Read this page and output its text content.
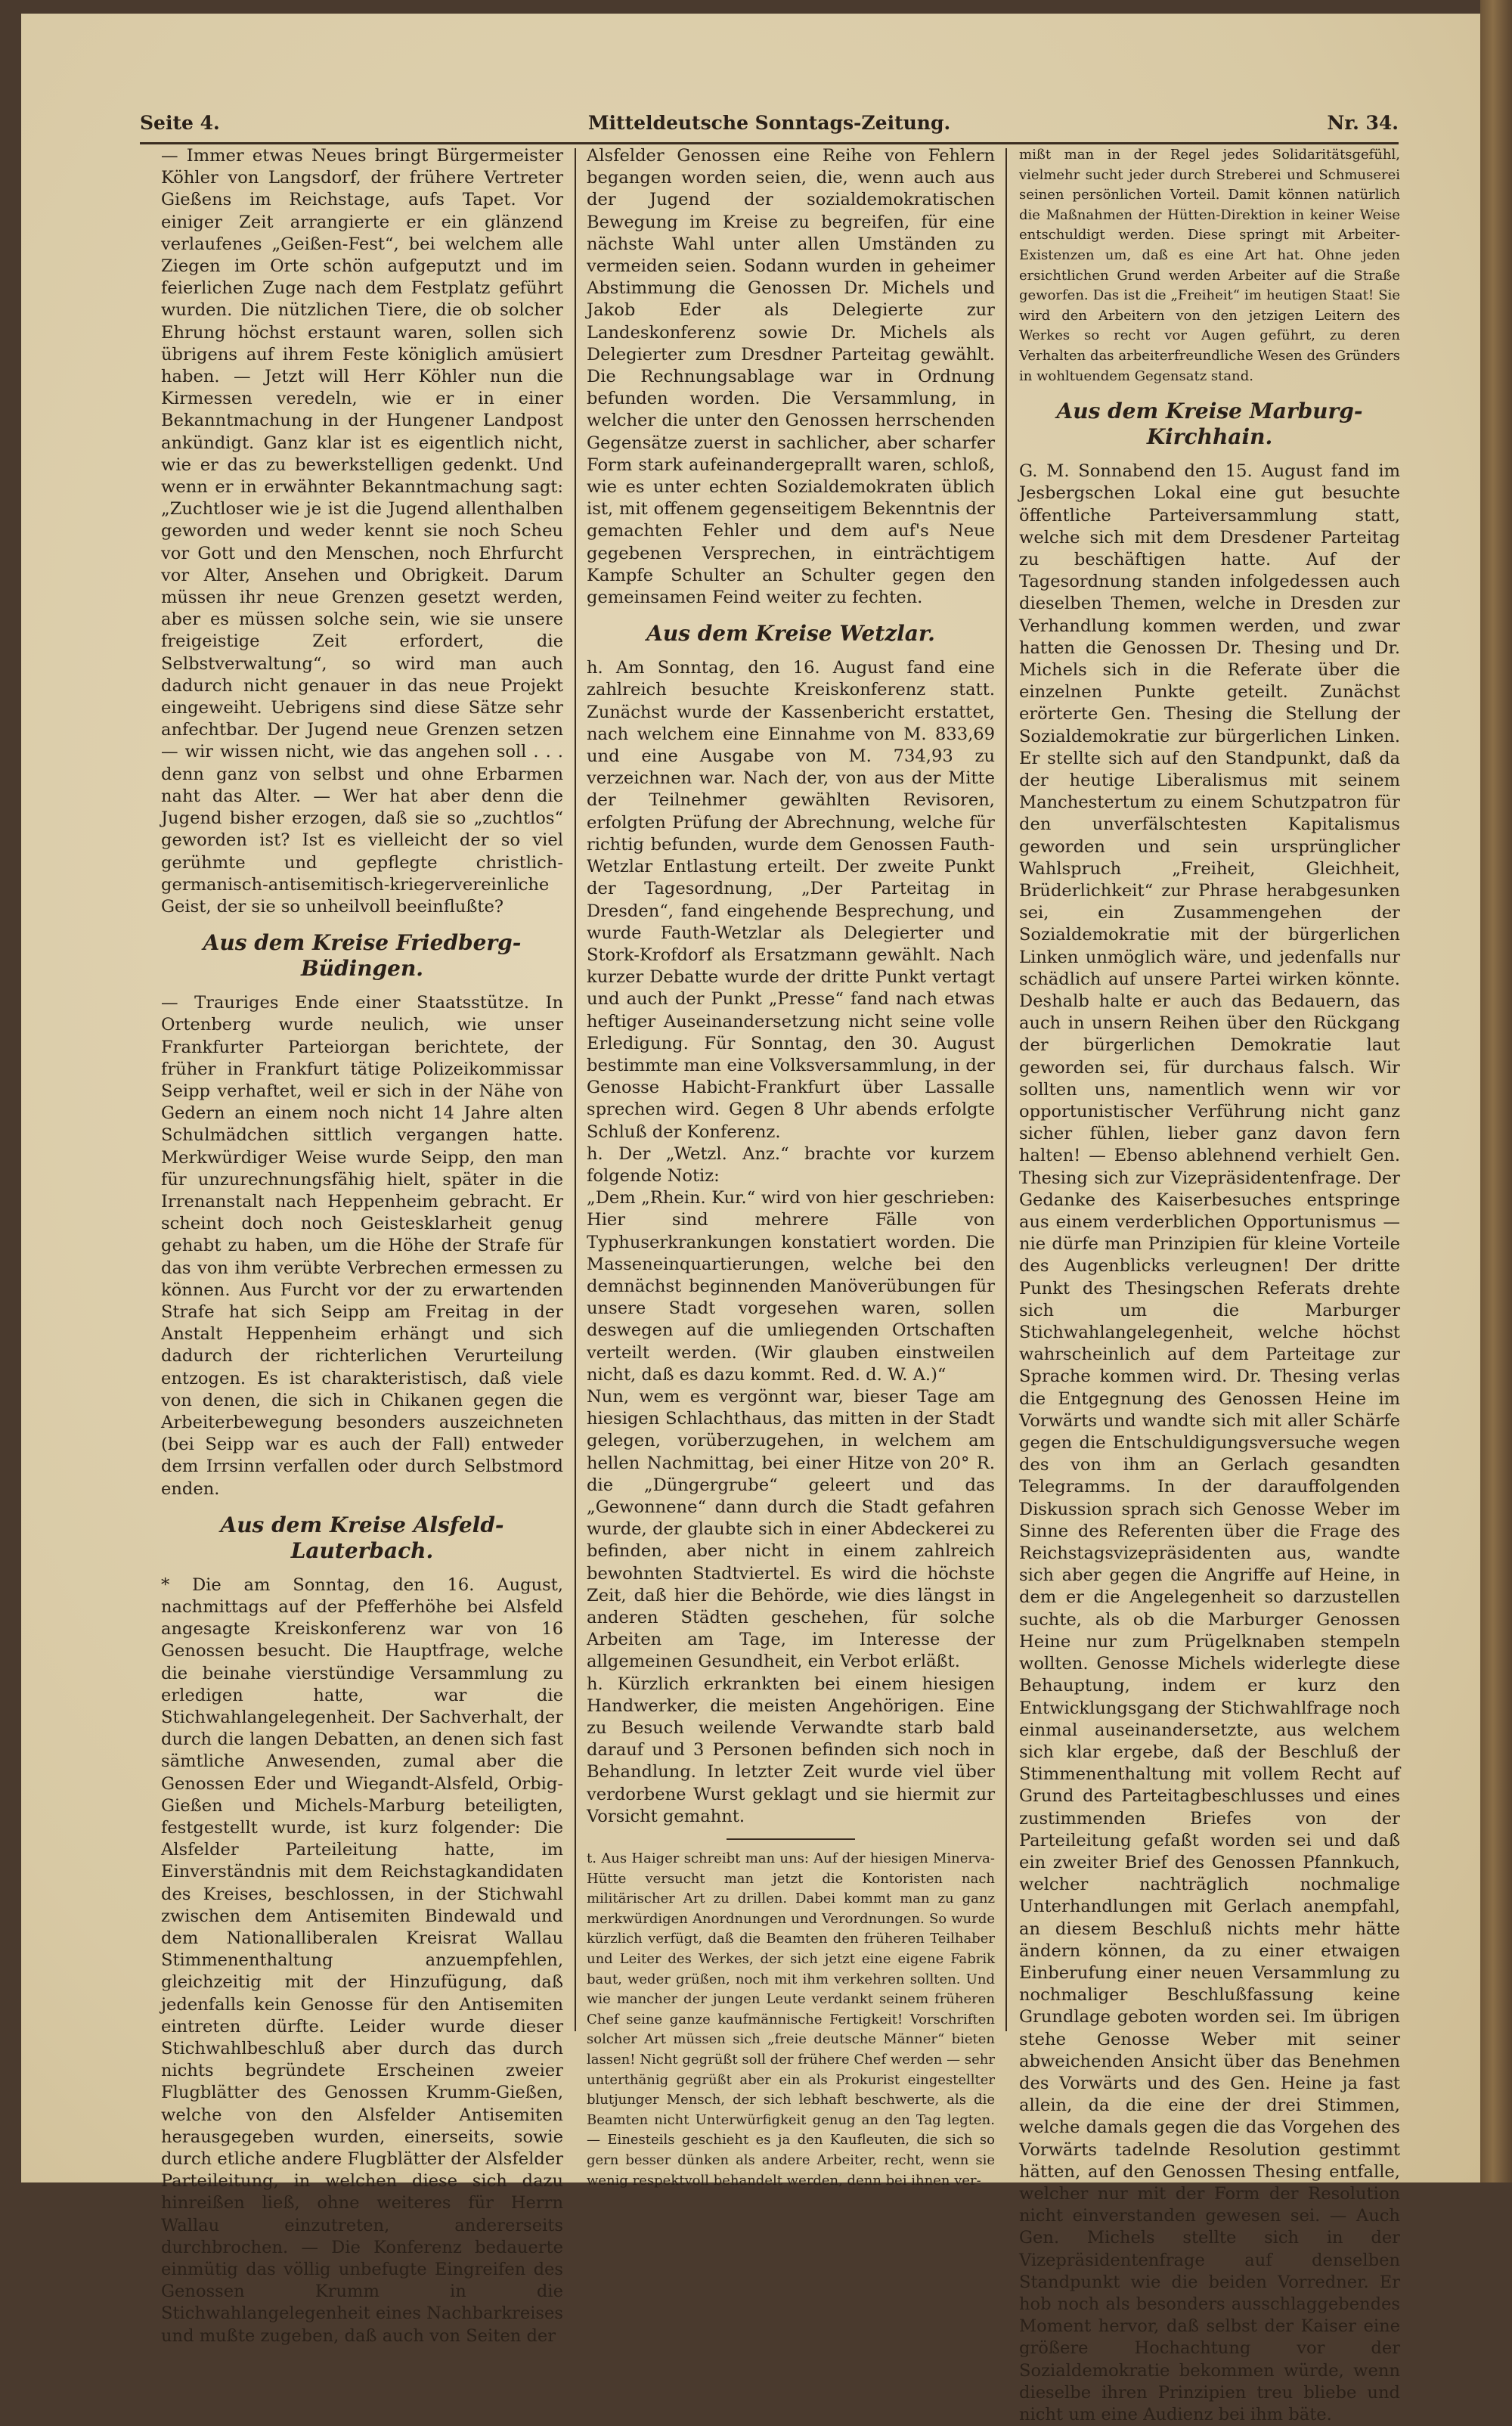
Seite 4.	Mitteldeutsche Sonntags-Zeitung.	Nr. 34.

— Immer etwas Neues bringt Bürgermeister Köhler von Langsdorf, der frühere Vertreter Gießens im Reichstage, aufs Tapet. Vor einiger Zeit arrangierte er ein glänzend verlaufenes „Geißen-Fest“, bei welchem alle Ziegen im Orte schön aufgeputzt und im feierlichen Zuge nach dem Festplatz geführt wurden. Die nützlichen Tiere, die ob solcher Ehrung höchst erstaunt waren, sollen sich übrigens auf ihrem Feste königlich amüsiert haben. — Jetzt will Herr Köhler nun die Kirmessen veredeln, wie er in einer Bekanntmachung in der Hungener Landpost ankündigt. Ganz klar ist es eigentlich nicht, wie er das zu bewerkstelligen gedenkt. Und wenn er in erwähnter Bekanntmachung sagt: „Zuchtloser wie je ist die Jugend allenthalben geworden und weder kennt sie noch Scheu vor Gott und den Menschen, noch Ehrfurcht vor Alter, Ansehen und Obrigkeit. Darum müssen ihr neue Grenzen gesetzt werden, aber es müssen solche sein, wie sie unsere freigeistige Zeit erfordert, die Selbstverwaltung“, so wird man auch dadurch nicht genauer in das neue Projekt eingeweiht. Uebrigens sind diese Sätze sehr anfechtbar. Der Jugend neue Grenzen setzen — wir wissen nicht, wie das angehen soll . . . denn ganz von selbst und ohne Erbarmen naht das Alter. — Wer hat aber denn die Jugend bisher erzogen, daß sie so „zuchtlos“ geworden ist? Ist es vielleicht der so viel gerühmte und gepflegte christlich-germanisch-antisemitisch-kriegervereinliche Geist, der sie so unheilvoll beeinflußte?

Aus dem Kreise Friedberg-Büdingen.

— Trauriges Ende einer Staatsstütze. In Ortenberg wurde neulich, wie unser Frankfurter Parteiorgan berichtete, der früher in Frankfurt tätige Polizeikommissar Seipp verhaftet, weil er sich in der Nähe von Gedern an einem noch nicht 14 Jahre alten Schulmädchen sittlich vergangen hatte. Merkwürdiger Weise wurde Seipp, den man für unzurechnungsfähig hielt, später in die Irrenanstalt nach Heppenheim gebracht. Er scheint doch noch Geistesklarheit genug gehabt zu haben, um die Höhe der Strafe für das von ihm verübte Verbrechen ermessen zu können. Aus Furcht vor der zu erwartenden Strafe hat sich Seipp am Freitag in der Anstalt Heppenheim erhängt und sich dadurch der richterlichen Verurteilung entzogen. Es ist charakteristisch, daß viele von denen, die sich in Chikanen gegen die Arbeiterbewegung besonders auszeichneten (bei Seipp war es auch der Fall) entweder dem Irrsinn verfallen oder durch Selbstmord enden.

Aus dem Kreise Alsfeld-Lauterbach.

* Die am Sonntag, den 16. August, nachmittags auf der Pfefferhöhe bei Alsfeld angesagte Kreiskonferenz war von 16 Genossen besucht. Die Hauptfrage, welche die beinahe vierstündige Versammlung zu erledigen hatte, war die Stichwahlangelegenheit. Der Sachverhalt, der durch die langen Debatten, an denen sich fast sämtliche Anwesenden, zumal aber die Genossen Eder und Wiegandt-Alsfeld, Orbig-Gießen und Michels-Marburg beteiligten, festgestellt wurde, ist kurz folgender: Die Alsfelder Parteileitung hatte, im Einverständnis mit dem Reichstagkandidaten des Kreises, beschlossen, in der Stichwahl zwischen dem Antisemiten Bindewald und dem Nationalliberalen Kreisrat Wallau Stimmenenthaltung anzuempfehlen, gleichzeitig mit der Hinzufügung, daß jedenfalls kein Genosse für den Antisemiten eintreten dürfte. Leider wurde dieser Stichwahlbeschluß aber durch das durch nichts begründete Erscheinen zweier Flugblätter des Genossen Krumm-Gießen, welche von den Alsfelder Antisemiten herausgegeben wurden, einerseits, sowie durch etliche andere Flugblätter der Alsfelder Parteileitung, in welchen diese sich dazu hinreißen ließ, ohne weiteres für Herrn Wallau einzutreten, andererseits durchbrochen. — Die Konferenz bedauerte einmütig das völlig unbefugte Eingreifen des Genossen Krumm in die Stichwahlangelegenheit eines Nachbarkreises und mußte zugeben, daß auch von Seiten der

Alsfelder Genossen eine Reihe von Fehlern begangen worden seien, die, wenn auch aus der Jugend der sozialdemokratischen Bewegung im Kreise zu begreifen, für eine nächste Wahl unter allen Umständen zu vermeiden seien. Sodann wurden in geheimer Abstimmung die Genossen Dr. Michels und Jakob Eder als Delegierte zur Landeskonferenz sowie Dr. Michels als Delegierter zum Dresdner Parteitag gewählt. Die Rechnungsablage war in Ordnung befunden worden. Die Versammlung, in welcher die unter den Genossen herrschenden Gegensätze zuerst in sachlicher, aber scharfer Form stark aufeinandergeprallt waren, schloß, wie es unter echten Sozialdemokraten üblich ist, mit offenem gegenseitigem Bekenntnis der gemachten Fehler und dem auf's Neue gegebenen Versprechen, in einträchtigem Kampfe Schulter an Schulter gegen den gemeinsamen Feind weiter zu fechten.

Aus dem Kreise Wetzlar.

h. Am Sonntag, den 16. August fand eine zahlreich besuchte Kreiskonferenz statt. Zunächst wurde der Kassenbericht erstattet, nach welchem eine Einnahme von M. 833,69 und eine Ausgabe von M. 734,93 zu verzeichnen war. Nach der, von aus der Mitte der Teilnehmer gewählten Revisoren, erfolgten Prüfung der Abrechnung, welche für richtig befunden, wurde dem Genossen Fauth-Wetzlar Entlastung erteilt. Der zweite Punkt der Tagesordnung, „Der Parteitag in Dresden“, fand eingehende Besprechung, und wurde Fauth-Wetzlar als Delegierter und Stork-Krofdorf als Ersatzmann gewählt. Nach kurzer Debatte wurde der dritte Punkt vertagt und auch der Punkt „Presse“ fand nach etwas heftiger Auseinandersetzung nicht seine volle Erledigung. Für Sonntag, den 30. August bestimmte man eine Volksversammlung, in der Genosse Habicht-Frankfurt über Lassalle sprechen wird. Gegen 8 Uhr abends erfolgte Schluß der Konferenz.

h. Der „Wetzl. Anz.“ brachte vor kurzem folgende Notiz:

„Dem „Rhein. Kur.“ wird von hier geschrieben: Hier sind mehrere Fälle von Typhuserkrankungen konstatiert worden. Die Masseneinquartierungen, welche bei den demnächst beginnenden Manöverübungen für unsere Stadt vorgesehen waren, sollen deswegen auf die umliegenden Ortschaften verteilt werden. (Wir glauben einstweilen nicht, daß es dazu kommt. Red. d. W. A.)“

Nun, wem es vergönnt war, bieser Tage am hiesigen Schlachthaus, das mitten in der Stadt gelegen, vorüberzugehen, in welchem am hellen Nachmittag, bei einer Hitze von 20° R. die „Düngergrube“ geleert und das „Gewonnene“ dann durch die Stadt gefahren wurde, der glaubte sich in einer Abdeckerei zu befinden, aber nicht in einem zahlreich bewohnten Stadtviertel. Es wird die höchste Zeit, daß hier die Behörde, wie dies längst in anderen Städten geschehen, für solche Arbeiten am Tage, im Interesse der allgemeinen Gesundheit, ein Verbot erläßt.

h. Kürzlich erkrankten bei einem hiesigen Handwerker, die meisten Angehörigen. Eine zu Besuch weilende Verwandte starb bald darauf und 3 Personen befinden sich noch in Behandlung. In letzter Zeit wurde viel über verdorbene Wurst geklagt und sie hiermit zur Vorsicht gemahnt.

t. Aus Haiger schreibt man uns: Auf der hiesigen Minerva-Hütte versucht man jetzt die Kontoristen nach militärischer Art zu drillen. Dabei kommt man zu ganz merkwürdigen Anordnungen und Verordnungen. So wurde kürzlich verfügt, daß die Beamten den früheren Teilhaber und Leiter des Werkes, der sich jetzt eine eigene Fabrik baut, weder grüßen, noch mit ihm verkehren sollten. Und wie mancher der jungen Leute verdankt seinem früheren Chef seine ganze kaufmännische Fertigkeit! Vorschriften solcher Art müssen sich „freie deutsche Männer“ bieten lassen! Nicht gegrüßt soll der frühere Chef werden — sehr unterthänig gegrüßt aber ein als Prokurist eingestellter blutjunger Mensch, der sich lebhaft beschwerte, als die Beamten nicht Unterwürfigkeit genug an den Tag legten. — Einesteils geschieht es ja den Kaufleuten, die sich so gern besser dünken als andere Arbeiter, recht, wenn sie wenig respektvoll behandelt werden, denn bei ihnen ver-

mißt man in der Regel jedes Solidaritätsgefühl, vielmehr sucht jeder durch Streberei und Schmuserei seinen persönlichen Vorteil. Damit können natürlich die Maßnahmen der Hütten-Direktion in keiner Weise entschuldigt werden. Diese springt mit Arbeiter-Existenzen um, daß es eine Art hat. Ohne jeden ersichtlichen Grund werden Arbeiter auf die Straße geworfen. Das ist die „Freiheit“ im heutigen Staat! Sie wird den Arbeitern von den jetzigen Leitern des Werkes so recht vor Augen geführt, zu deren Verhalten das arbeiterfreundliche Wesen des Gründers in wohltuendem Gegensatz stand.

Aus dem Kreise Marburg-Kirchhain.

G. M. Sonnabend den 15. August fand im Jesbergschen Lokal eine gut besuchte öffentliche Parteiversammlung statt, welche sich mit dem Dresdener Parteitag zu beschäftigen hatte. Auf der Tagesordnung standen infolgedessen auch dieselben Themen, welche in Dresden zur Verhandlung kommen werden, und zwar hatten die Genossen Dr. Thesing und Dr. Michels sich in die Referate über die einzelnen Punkte geteilt. Zunächst erörterte Gen. Thesing die Stellung der Sozialdemokratie zur bürgerlichen Linken. Er stellte sich auf den Standpunkt, daß da der heutige Liberalismus mit seinem Manchestertum zu einem Schutzpatron für den unverfälschtesten Kapitalismus geworden und sein ursprünglicher Wahlspruch „Freiheit, Gleichheit, Brüderlichkeit“ zur Phrase herabgesunken sei, ein Zusammengehen der Sozialdemokratie mit der bürgerlichen Linken unmöglich wäre, und jedenfalls nur schädlich auf unsere Partei wirken könnte. Deshalb halte er auch das Bedauern, das auch in unsern Reihen über den Rückgang der bürgerlichen Demokratie laut geworden sei, für durchaus falsch. Wir sollten uns, namentlich wenn wir vor opportunistischer Verführung nicht ganz sicher fühlen, lieber ganz davon fern halten! — Ebenso ablehnend verhielt Gen. Thesing sich zur Vizepräsidentenfrage. Der Gedanke des Kaiserbesuches entspringe aus einem verderblichen Opportunismus — nie dürfe man Prinzipien für kleine Vorteile des Augenblicks verleugnen! Der dritte Punkt des Thesingschen Referats drehte sich um die Marburger Stichwahlangelegenheit, welche höchst wahrscheinlich auf dem Parteitage zur Sprache kommen wird. Dr. Thesing verlas die Entgegnung des Genossen Heine im Vorwärts und wandte sich mit aller Schärfe gegen die Entschuldigungsversuche wegen des von ihm an Gerlach gesandten Telegramms. In der darauffolgenden Diskussion sprach sich Genosse Weber im Sinne des Referenten über die Frage des Reichstagsvizepräsidenten aus, wandte sich aber gegen die Angriffe auf Heine, in dem er die Angelegenheit so darzustellen suchte, als ob die Marburger Genossen Heine nur zum Prügelknaben stempeln wollten. Genosse Michels widerlegte diese Behauptung, indem er kurz den Entwicklungsgang der Stichwahlfrage noch einmal auseinandersetzte, aus welchem sich klar ergebe, daß der Beschluß der Stimmenenthaltung mit vollem Recht auf Grund des Parteitagbeschlusses und eines zustimmenden Briefes von der Parteileitung gefaßt worden sei und daß ein zweiter Brief des Genossen Pfannkuch, welcher nachträglich nochmalige Unterhandlungen mit Gerlach anempfahl, an diesem Beschluß nichts mehr hätte ändern können, da zu einer etwaigen Einberufung einer neuen Versammlung zu nochmaliger Beschlußfassung keine Grundlage geboten worden sei. Im übrigen stehe Genosse Weber mit seiner abweichenden Ansicht über das Benehmen des Vorwärts und des Gen. Heine ja fast allein, da die eine der drei Stimmen, welche damals gegen die das Vorgehen des Vorwärts tadelnde Resolution gestimmt hätten, auf den Genossen Thesing entfalle, welcher nur mit der Form der Resolution nicht einverstanden gewesen sei. — Auch Gen. Michels stellte sich in der Vizepräsidentenfrage auf denselben Standpunkt wie die beiden Vorredner. Er hob noch als besonders ausschlaggebendes Moment hervor, daß selbst der Kaiser eine größere Hochachtung vor der Sozialdemokratie bekommen würde, wenn dieselbe ihren Prinzipien treu bliebe und nicht um eine Audienz bei ihm bäte.
